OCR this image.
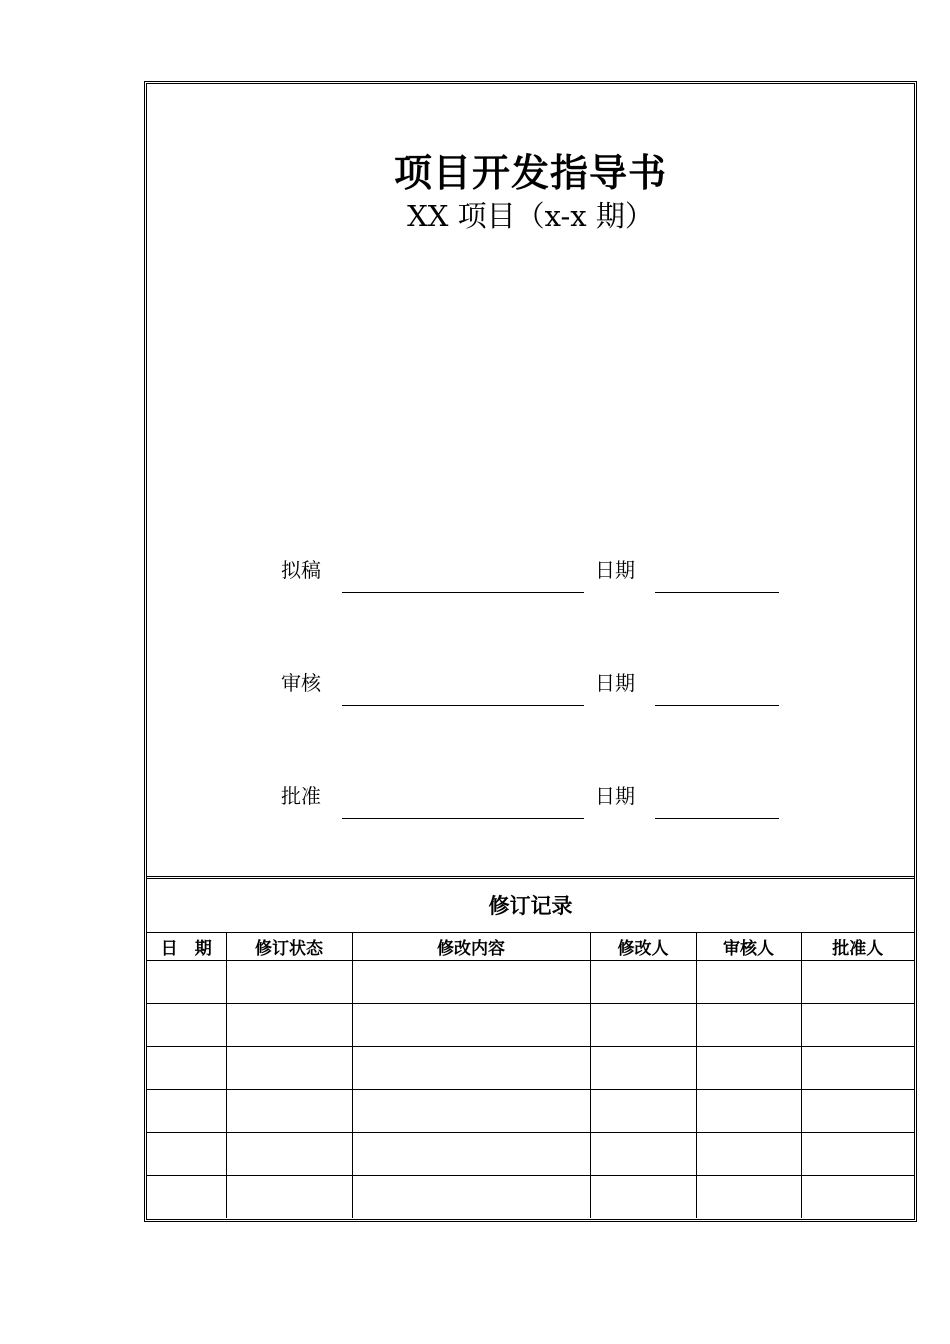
项目开发指导书
XX 项目（x-x 期）
拟稿	日期
审核	日期
批准	日期
修订记录
日　期	修订状态	修改内容	修改人	审核人	批准人
